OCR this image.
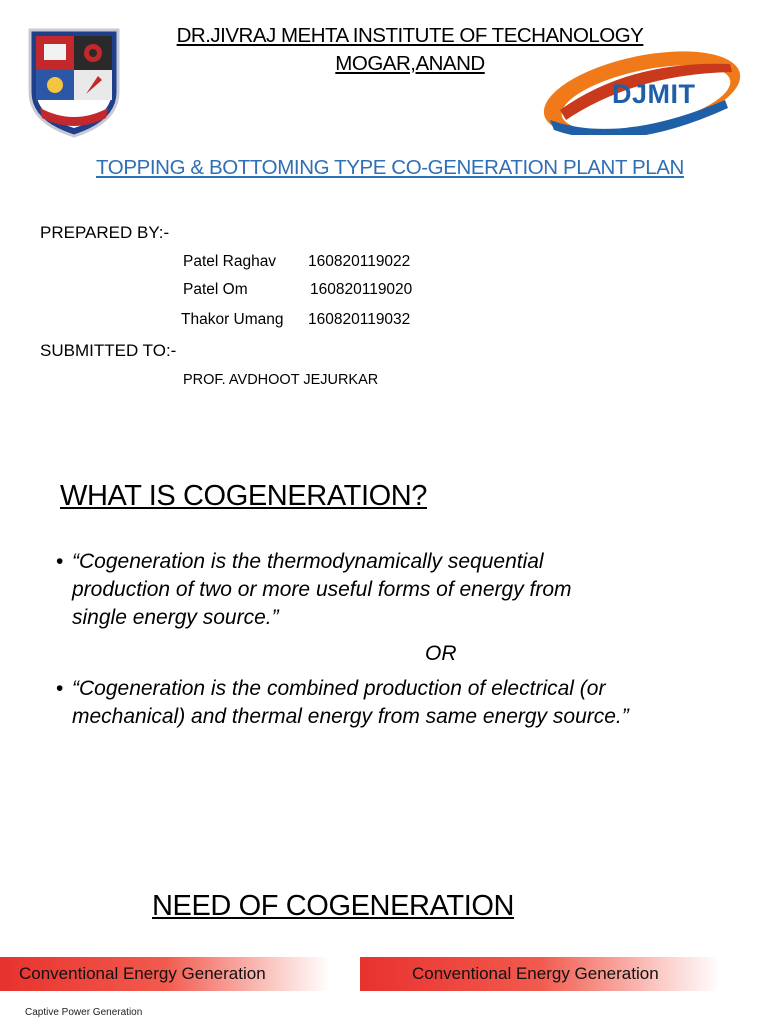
DR.JIVRAJ MEHTA INSTITUTE OF TECHANOLOGY
MOGAR,ANAND
DJMIT
TOPPING & BOTTOMING TYPE CO-GENERATION PLANT PLAN
PREPARED BY:-
Patel Raghav 160820119022
Patel Om	160820119020
Thakor Umang 160820119032
SUBMITTED TO:-
PROF. AVDHOOT JEJURKAR
WHAT IS COGENERATION?
• “Cogeneration is the thermodynamically sequential
production of two or more useful forms of energy from
single energy source.”
OR
• “Cogeneration is the combined production of electrical (or
mechanical) and thermal energy from same energy source.”
NEED OF COGENERATION
Conventional Energy Generation	Conventional Energy Generation
Captive Power Generation
